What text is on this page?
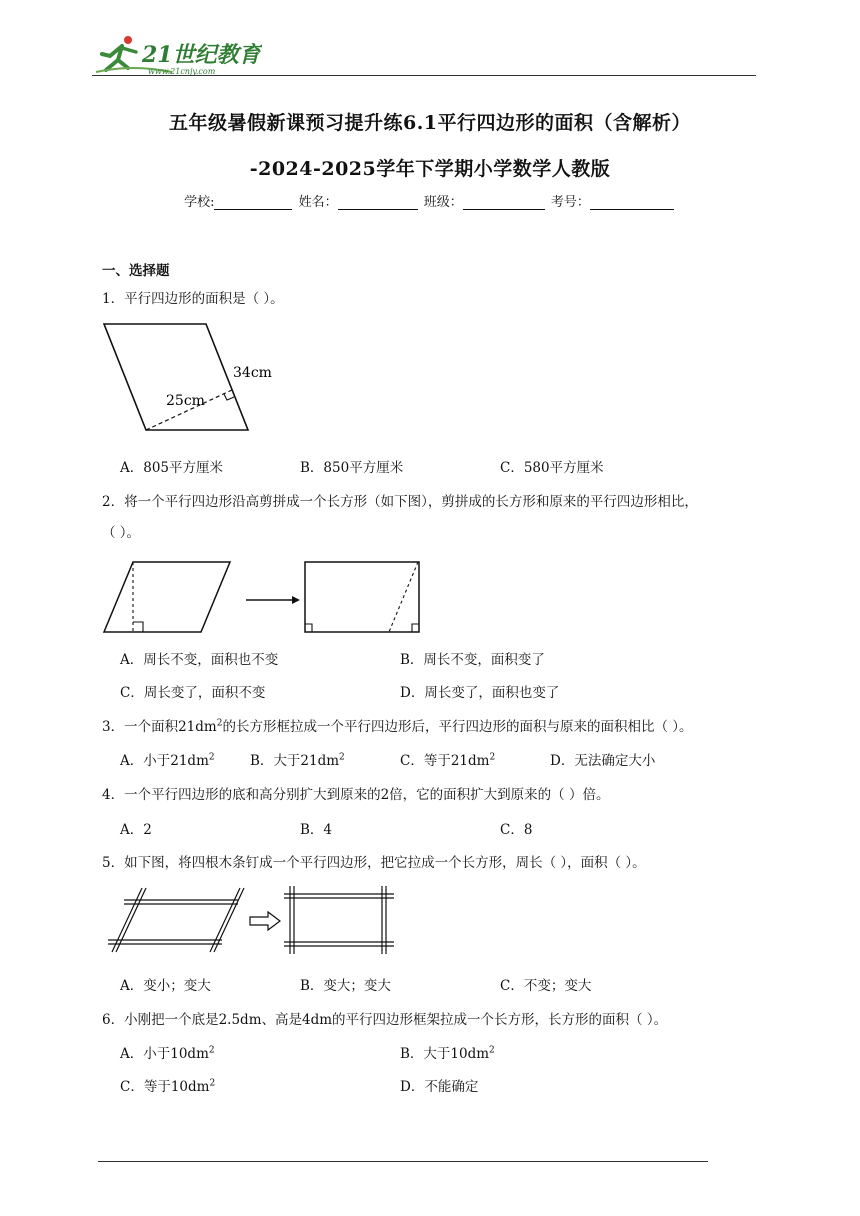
21世纪教育
www.21cnjy.com
五年级暑假新课预习提升练6.1平行四边形的面积（含解析）
-2024-2025学年下学期小学数学人教版
学校:	姓名：	班级：	考号：
一、选择题
1．平行四边形的面积是（ ）。
34cm
25cm
A．805平方厘米	B．850平方厘米	C．580平方厘米
2．将一个平行四边形沿高剪拼成一个长方形（如下图），剪拼成的长方形和原来的平行四边形相比，
（ ）。
A．周长不变，面积也不变	B．周长不变，面积变了
C．周长变了，面积不变	D．周长变了，面积也变了
3．一个面积$21dm^2$的长方形框拉成一个平行四边形后，平行四边形的面积与原来的面积相比（ ）。
A．小于$21dm^2$	B．大于$21dm^2$	C．等于$21dm^2$	D．无法确定大小
4．一个平行四边形的底和高分别扩大到原来的2倍，它的面积扩大到原来的（ ）倍。
A．2	B．4	C．8
5．如下图，将四根木条钉成一个平行四边形，把它拉成一个长方形，周长（ ），面积（ ）。
A．变小；变大	B．变大；变大	C．不变；变大
6．小刚把一个底是2.5dm、高是4dm的平行四边形框架拉成一个长方形，长方形的面积（ ）。
A．小于$10dm^2$	B．大于$10dm^2$
C．等于$10dm^2$	D．不能确定
